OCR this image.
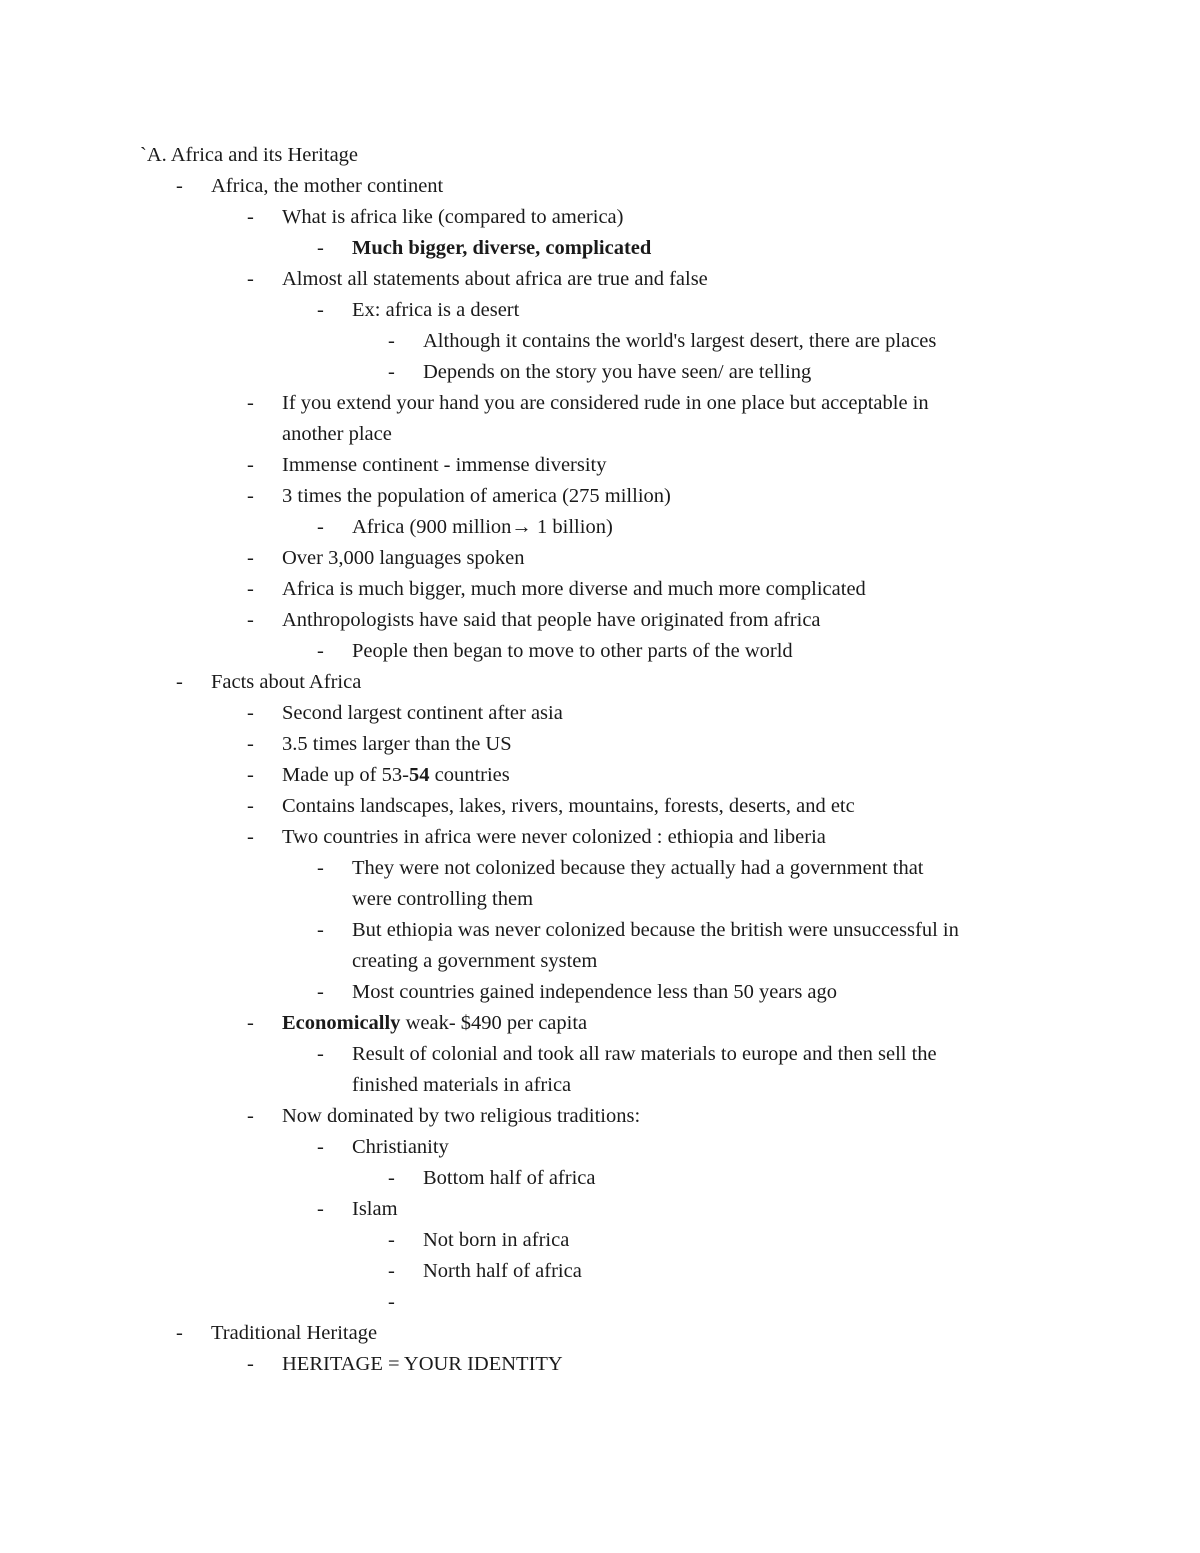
`A. Africa and its Heritage
- Africa, the mother continent
- What is africa like (compared to america)
- Much bigger, diverse, complicated
- Almost all statements about africa are true and false
- Ex: africa is a desert
- Although it contains the world's largest desert, there are places
- Depends on the story you have seen/ are telling
- If you extend your hand you are considered rude in one place but acceptable in
another place
- Immense continent - immense diversity
- 3 times the population of america (275 million)
- Africa (900 million→ 1 billion)
- Over 3,000 languages spoken
- Africa is much bigger, much more diverse and much more complicated
- Anthropologists have said that people have originated from africa
- People then began to move to other parts of the world
- Facts about Africa
- Second largest continent after asia
- 3.5 times larger than the US
- Made up of 53-54 countries
- Contains landscapes, lakes, rivers, mountains, forests, deserts, and etc
- Two countries in africa were never colonized : ethiopia and liberia
- They were not colonized because they actually had a government that
were controlling them
- But ethiopia was never colonized because the british were unsuccessful in
creating a government system
- Most countries gained independence less than 50 years ago
- Economically weak- $490 per capita
- Result of colonial and took all raw materials to europe and then sell the
finished materials in africa
- Now dominated by two religious traditions:
- Christianity
- Bottom half of africa
- Islam
- Not born in africa
- North half of africa
-
- Traditional Heritage
- HERITAGE = YOUR IDENTITY
